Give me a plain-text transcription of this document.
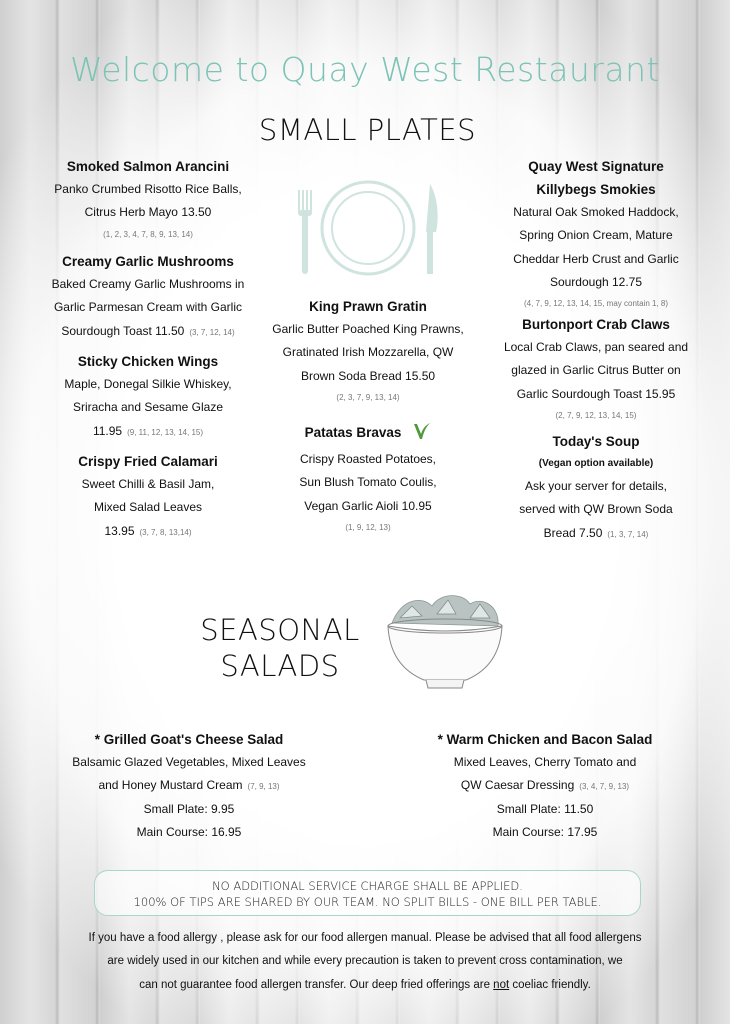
Welcome to Quay West Restaurant
SMALL PLATES
Smoked Salmon Arancini
Panko Crumbed Risotto Rice Balls,
Citrus Herb Mayo 13.50
(1, 2, 3, 4, 7, 8, 9, 13, 14)
Creamy Garlic Mushrooms
Baked Creamy Garlic Mushrooms in
Garlic Parmesan Cream with Garlic
Sourdough Toast 11.50 (3, 7, 12, 14)
Sticky Chicken Wings
Maple, Donegal Silkie Whiskey,
Sriracha and Sesame Glaze
11.95 (9, 11, 12, 13, 14, 15)
Crispy Fried Calamari
Sweet Chilli & Basil Jam,
Mixed Salad Leaves
13.95 (3, 7, 8, 13,14)
King Prawn Gratin
Garlic Butter Poached King Prawns,
Gratinated Irish Mozzarella, QW
Brown Soda Bread 15.50
(2, 3, 7, 9, 13, 14)
Patatas Bravas
Crispy Roasted Potatoes,
Sun Blush Tomato Coulis,
Vegan Garlic Aioli 10.95
(1, 9, 12, 13)
Quay West Signature
Killybegs Smokies
Natural Oak Smoked Haddock,
Spring Onion Cream, Mature
Cheddar Herb Crust and Garlic
Sourdough 12.75
(4, 7, 9, 12, 13, 14, 15, may contain 1, 8)
Burtonport Crab Claws
Local Crab Claws, pan seared and
glazed in Garlic Citrus Butter on
Garlic Sourdough Toast 15.95
(2, 7, 9, 12, 13, 14, 15)
Today's Soup
(Vegan option available)
Ask your server for details,
served with QW Brown Soda
Bread 7.50 (1, 3, 7, 14)
SEASONAL
SALADS
* Grilled Goat's Cheese Salad
Balsamic Glazed Vegetables, Mixed Leaves
and Honey Mustard Cream (7, 9, 13)
Small Plate: 9.95
Main Course: 16.95
* Warm Chicken and Bacon Salad
Mixed Leaves, Cherry Tomato and
QW Caesar Dressing (3, 4, 7, 9, 13)
Small Plate: 11.50
Main Course: 17.95
NO ADDITIONAL SERVICE CHARGE SHALL BE APPLIED.
100% OF TIPS ARE SHARED BY OUR TEAM. NO SPLIT BILLS - ONE BILL PER TABLE.
If you have a food allergy , please ask for our food allergen manual. Please be advised that all food allergens
are widely used in our kitchen and while every precaution is taken to prevent cross contamination, we
can not guarantee food allergen transfer. Our deep fried offerings are not coeliac friendly.
